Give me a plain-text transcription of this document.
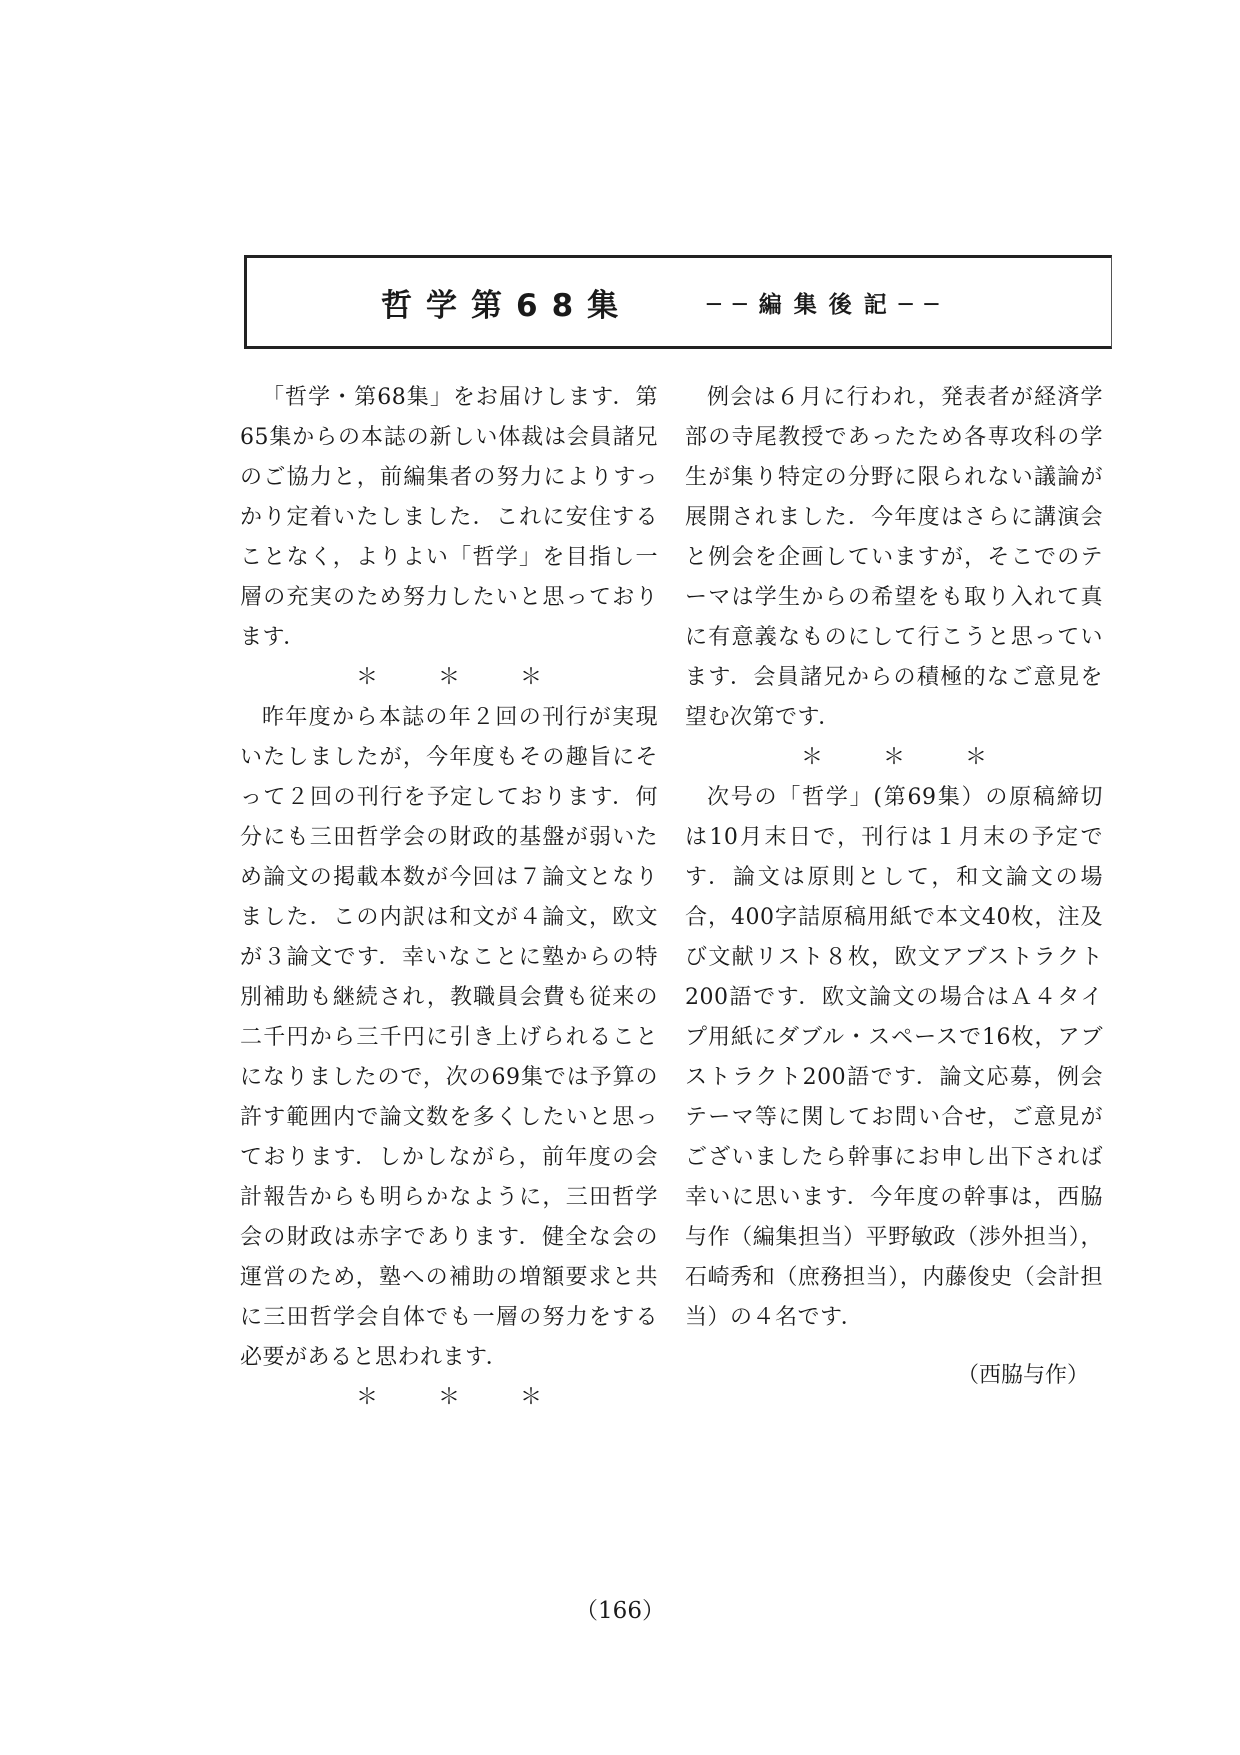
哲学第68集	──編集後記──

「哲学・第68集」をお届けします．第65集からの本誌の新しい体裁は会員諸兄のご協力と，前編集者の努力によりすっかり定着いたしました．これに安住することなく，よりよい「哲学」を目指し一層の充実のため努力したいと思っております．

＊＊＊

昨年度から本誌の年２回の刊行が実現いたしましたが，今年度もその趣旨にそって２回の刊行を予定しております．何分にも三田哲学会の財政的基盤が弱いため論文の掲載本数が今回は７論文となりました．この内訳は和文が４論文，欧文が３論文です．幸いなことに塾からの特別補助も継続され，教職員会費も従来の二千円から三千円に引き上げられることになりましたので，次の69集では予算の許す範囲内で論文数を多くしたいと思っております．しかしながら，前年度の会計報告からも明らかなように，三田哲学会の財政は赤字であります．健全な会の運営のため，塾への補助の増額要求と共に三田哲学会自体でも一層の努力をする必要があると思われます．

＊＊＊

例会は６月に行われ，発表者が経済学部の寺尾教授であったため各専攻科の学生が集り特定の分野に限られない議論が展開されました．今年度はさらに講演会と例会を企画していますが，そこでのテーマは学生からの希望をも取り入れて真に有意義なものにして行こうと思っています．会員諸兄からの積極的なご意見を望む次第です．

＊＊＊

次号の「哲学」(第69集）の原稿締切は10月末日で，刊行は１月末の予定です．論文は原則として，和文論文の場合，400字詰原稿用紙で本文40枚，注及び文献リスト８枚，欧文アブストラクト200語です．欧文論文の場合はＡ４タイプ用紙にダブル・スペースで16枚，アブストラクト200語です．論文応募，例会テーマ等に関してお問い合せ，ご意見がございましたら幹事にお申し出下されば幸いに思います．今年度の幹事は，西脇与作（編集担当）平野敏政（渉外担当），石崎秀和（庶務担当），内藤俊史（会計担当）の４名です．

（西脇与作）

（166）
